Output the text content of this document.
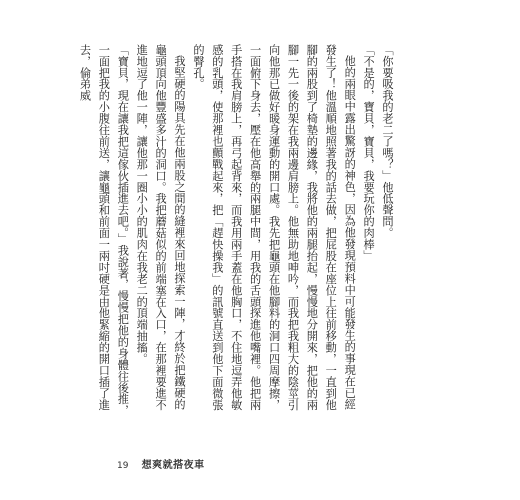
「你要吸我的老二了嗎？」他低聲問。

「不是的，寶貝，寶貝，我要玩你的肉棒」

他的兩眼中露出驚訝的神色，因為他發現預料中可能發生的事現在已經發生了！他溫順地照著我的話去做，把屁股在座位上往前移動，一直到他腳的兩股到了椅墊的邊緣，我將他的兩腿抬起，慢慢地分開來，把他的兩腳一先一後的架在我兩邊肩膀上。他無助地呻吟，而我把我粗大的陰莖引向他那已做好暖身運動的開口處。我先把龜頭在他腳料的洞口四周摩擦，一面俯下身去，壓在他高舉的兩腿中間，用我的舌頭探進他嘴裡。他把兩手搭在我肩膀上，再弓起背來，而我用兩手蓋在他胸口，不住地逗弄他敏感的乳頭，使那裡也顫戰起來，把「趕快操我」的訊號直送到他下面微張的臀孔。

我堅硬的陽具先在他兩股之間的縫裡來回地探索一陣，才終於把鐵硬的龜頭頂向他豐盛多汁的洞口。我把蘑菇似的前端塞在入口，在那裡要進不進地逗了他一陣，讓他那一圈小小的肌肉在我老二的頂端抽搐。

「寶貝，現在讓我把這傢伙插進去吧。」我說著，慢慢把他的身體往後推，一面把我的小腹往前送，讓龜頭和前面一兩吋硬是由他緊縮的開口插了進去，倫弟威

19 想爽就搭夜車
